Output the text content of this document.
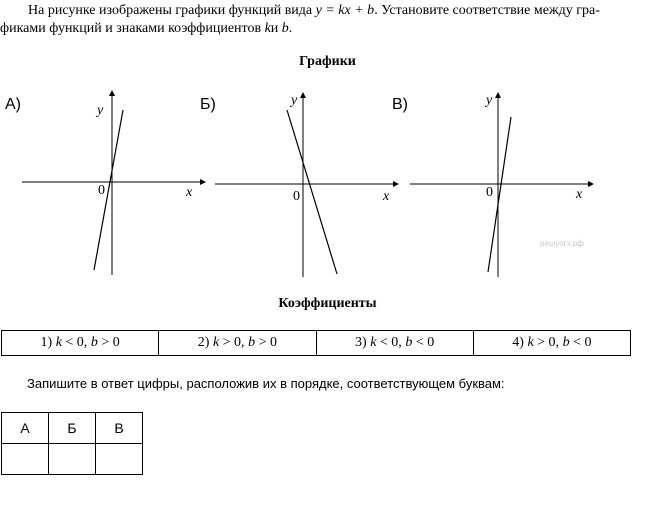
На рисунке изображены графики функций вида y = kx + b. Установите соответствие между гра-
фиками функций и знаками коэффициентов kи b.
Графики
А)	y
x
0
Б)	y
x
0
В)	y
x
0
решуогэ.рф
Коэффициенты
1) k < 0, b > 0	2) k > 0, b > 0	3) k < 0, b < 0	4) k > 0, b < 0
Запишите в ответ цифры, расположив их в порядке, соответствующем буквам:
А	Б	В
